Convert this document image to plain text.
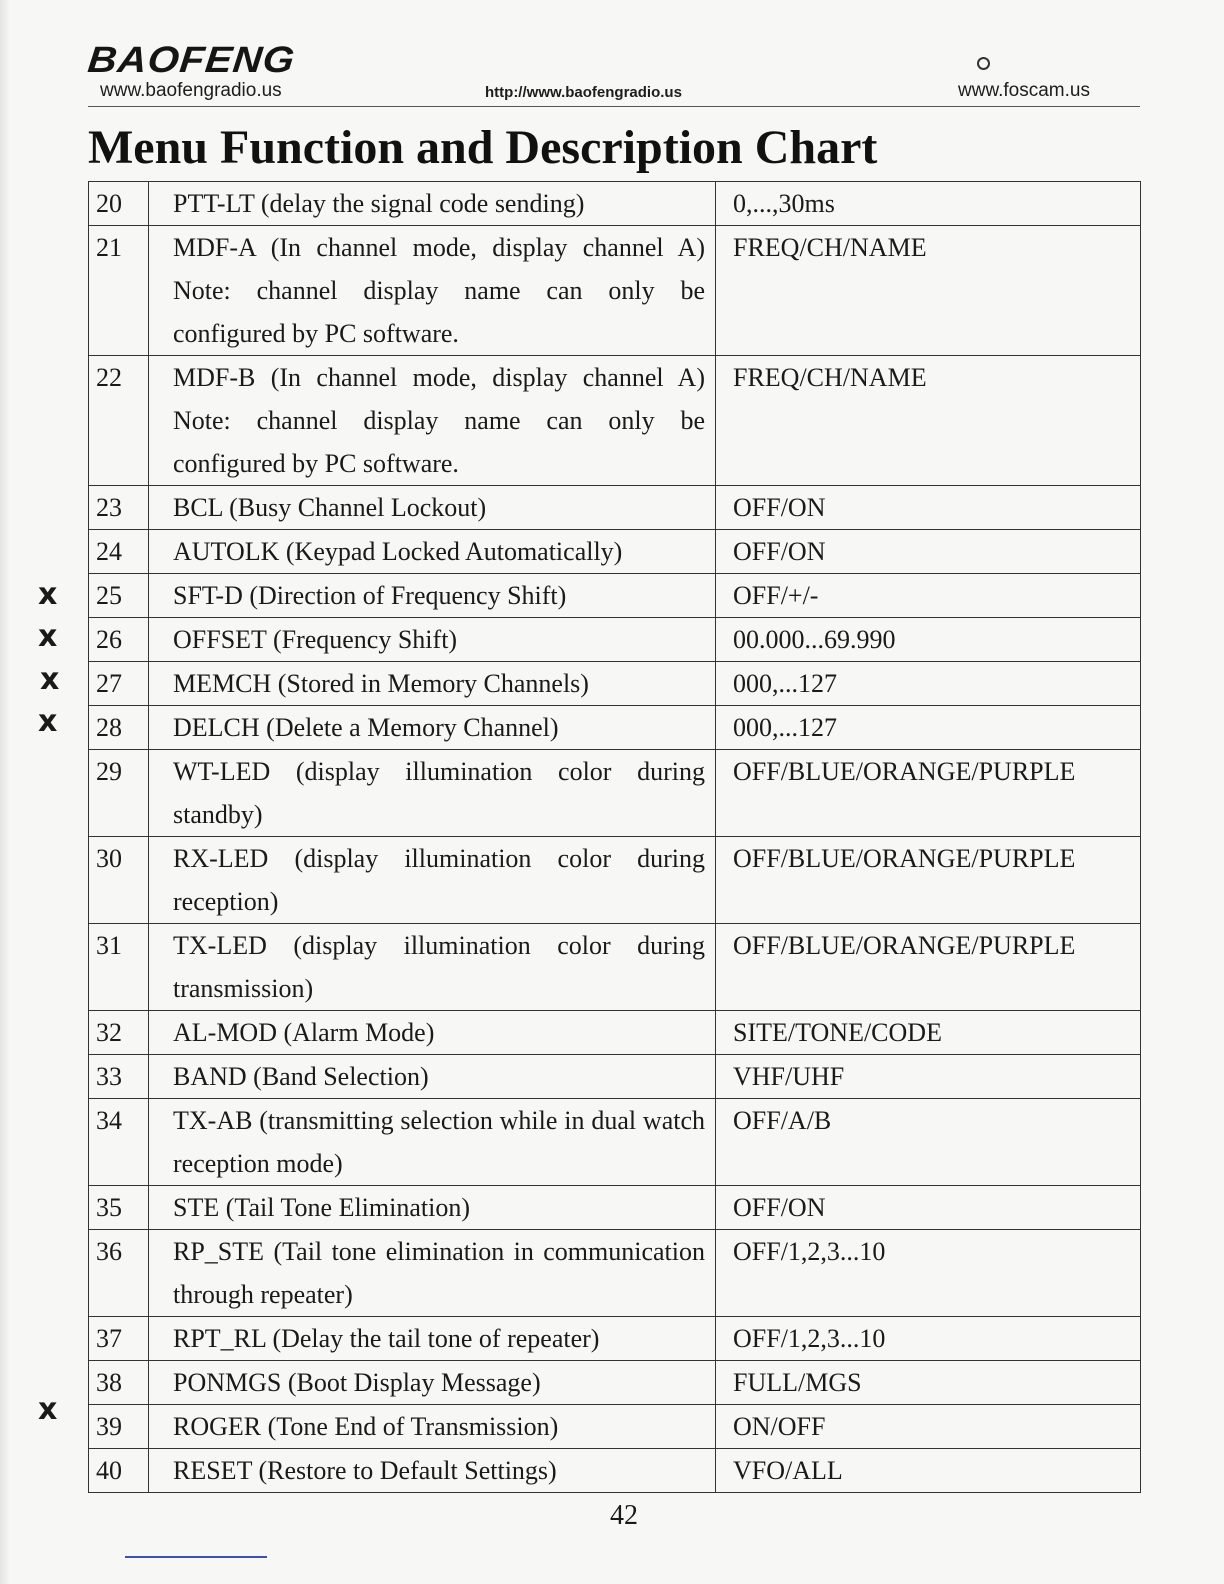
BAOFENG
www.baofengradio.us	http://www.baofengradio.us	www.foscam.us
Menu Function and Description Chart
20	PTT-LT (delay the signal code sending)	0,...,30ms
21	MDF-A (In channel mode, display channel A) Note: channel display name can only be configured by PC software.	FREQ/CH/NAME
22	MDF-B (In channel mode, display channel A) Note: channel display name can only be configured by PC software.	FREQ/CH/NAME
23	BCL (Busy Channel Lockout)	OFF/ON
24	AUTOLK (Keypad Locked Automatically)	OFF/ON
25	SFT-D (Direction of Frequency Shift)	OFF/+/-
26	OFFSET (Frequency Shift)	00.000...69.990
27	MEMCH (Stored in Memory Channels)	000,...127
28	DELCH (Delete a Memory Channel)	000,...127
29	WT-LED (display illumination color during standby)	OFF/BLUE/ORANGE/PURPLE
30	RX-LED (display illumination color during reception)	OFF/BLUE/ORANGE/PURPLE
31	TX-LED (display illumination color during transmission)	OFF/BLUE/ORANGE/PURPLE
32	AL-MOD (Alarm Mode)	SITE/TONE/CODE
33	BAND (Band Selection)	VHF/UHF
34	TX-AB (transmitting selection while in dual watch reception mode)	OFF/A/B
35	STE (Tail Tone Elimination)	OFF/ON
36	RP_STE (Tail tone elimination in communication through repeater)	OFF/1,2,3...10
37	RPT_RL (Delay the tail tone of repeater)	OFF/1,2,3...10
38	PONMGS (Boot Display Message)	FULL/MGS
39	ROGER (Tone End of Transmission)	ON/OFF
40	RESET (Restore to Default Settings)	VFO/ALL
x
x
x
x
x
42
